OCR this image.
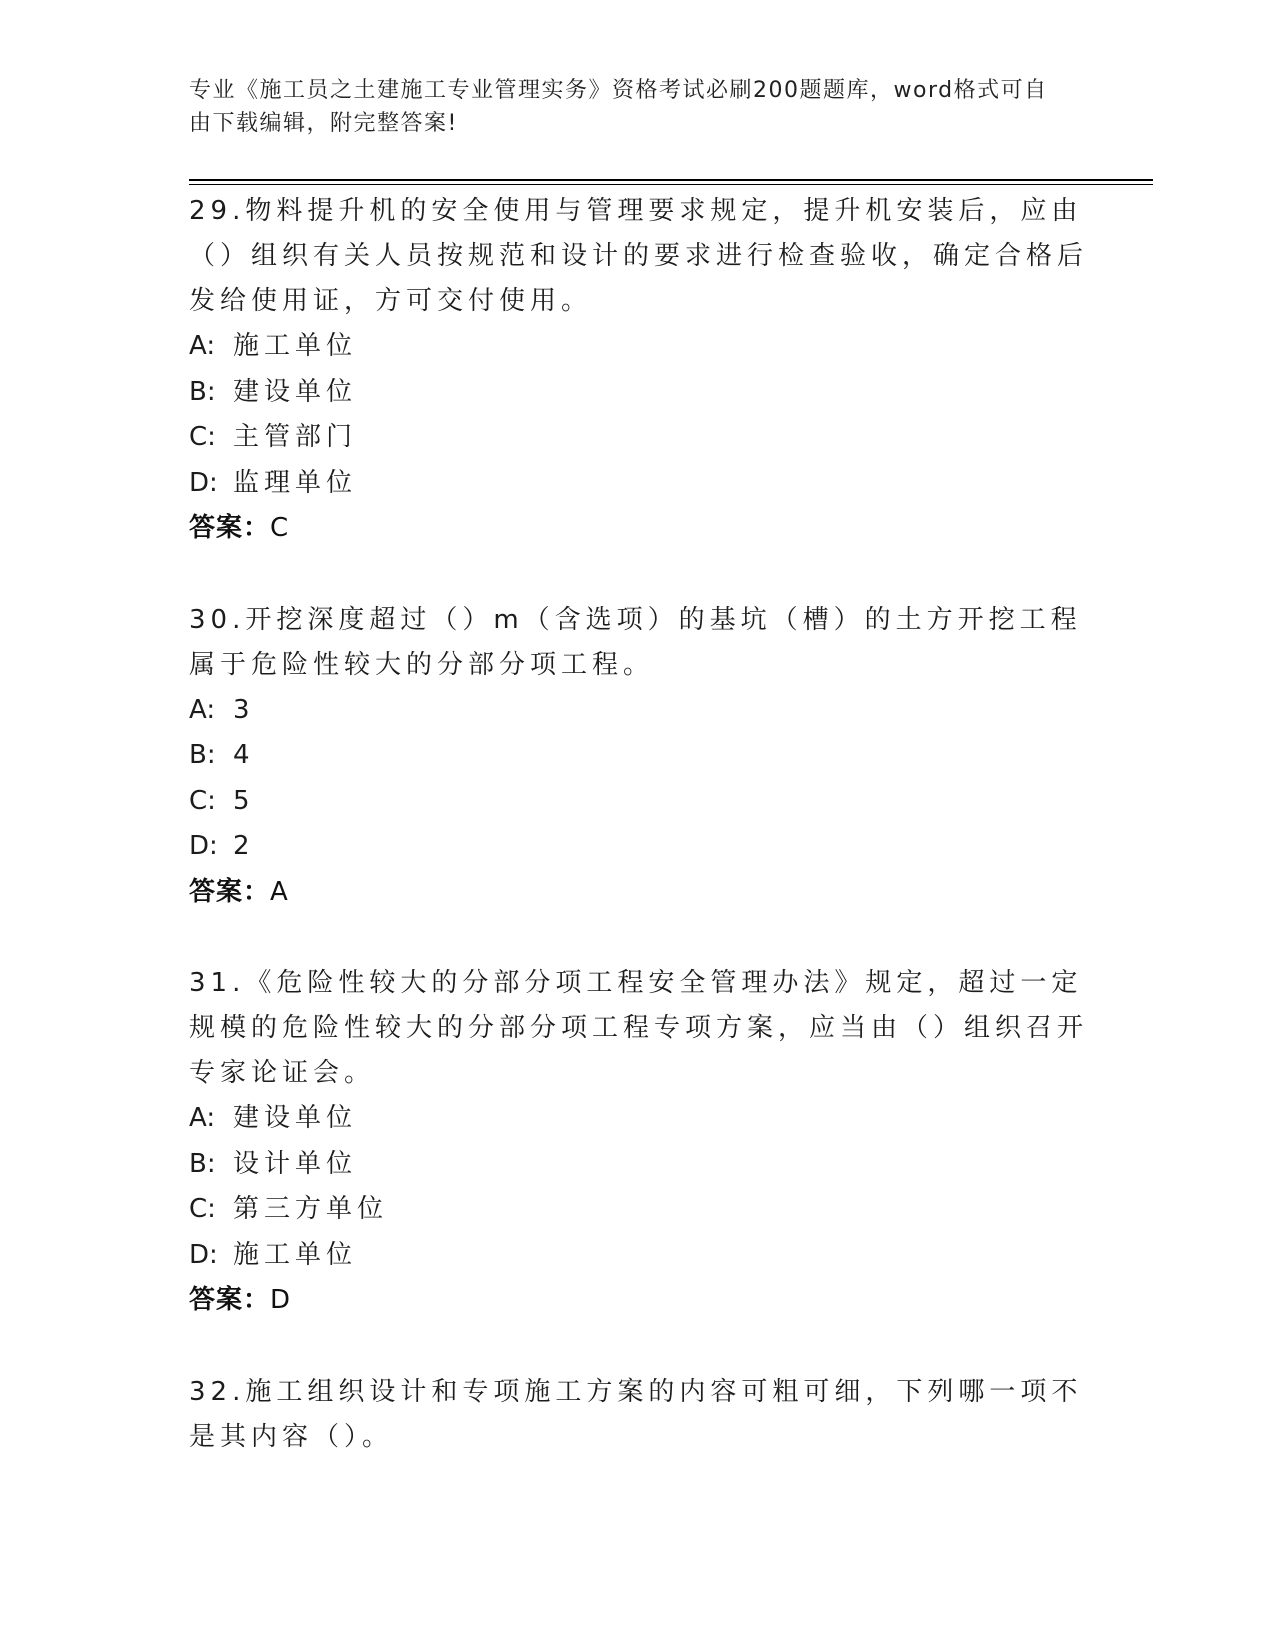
专业《施工员之土建施工专业管理实务》资格考试必刷200题题库，word格式可自由下载编辑，附完整答案!
29.物料提升机的安全使用与管理要求规定，提升机安装后，应由（）组织有关人员按规范和设计的要求进行检查验收，确定合格后发给使用证，方可交付使用。
A: 施工单位
B: 建设单位
C: 主管部门
D: 监理单位
答案：C
30.开挖深度超过（）m（含选项）的基坑（槽）的土方开挖工程属于危险性较大的分部分项工程。
A: 3
B: 4
C: 5
D: 2
答案：A
31.《危险性较大的分部分项工程安全管理办法》规定，超过一定规模的危险性较大的分部分项工程专项方案，应当由（）组织召开专家论证会。
A: 建设单位
B: 设计单位
C: 第三方单位
D: 施工单位
答案：D
32.施工组织设计和专项施工方案的内容可粗可细，下列哪一项不是其内容（）。
